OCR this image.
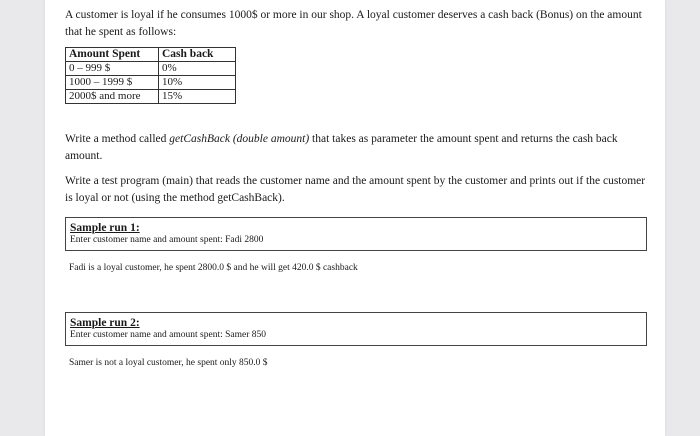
A customer is loyal if he consumes 1000$ or more in our shop. A loyal customer deserves a cash back (Bonus) on the amount that he spent as follows:

Amount Spent	Cash back
0 – 999 $	0%
1000 – 1999 $	10%
2000$ and more	15%

Write a method called getCashBack (double amount) that takes as parameter the amount spent and returns the cash back amount.

Write a test program (main) that reads the customer name and the amount spent by the customer and prints out if the customer is loyal or not (using the method getCashBack).

Sample run 1:
Enter customer name and amount spent: Fadi 2800
Fadi is a loyal customer, he spent 2800.0 $ and he will get 420.0 $ cashback
Sample run 2:
Enter customer name and amount spent: Samer 850
Samer is not a loyal customer, he spent only 850.0 $
